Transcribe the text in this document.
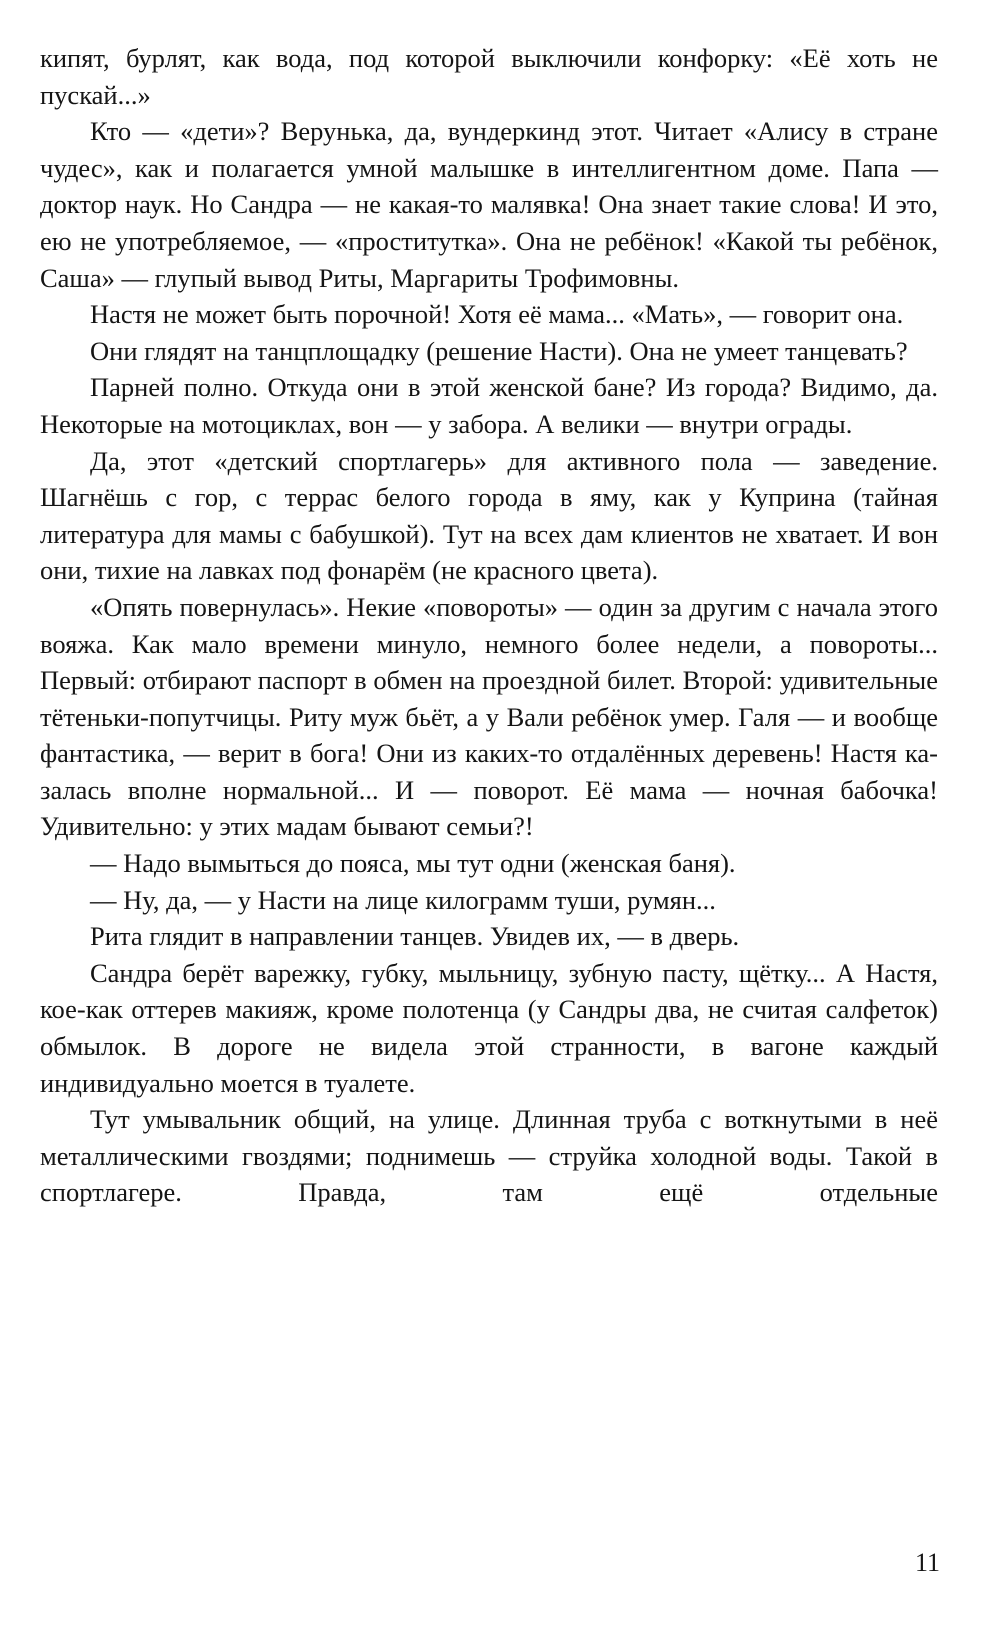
кипят, бурлят, как вода, под которой выключили конфорку: «Её хоть не пускай...»

Кто — «дети»? Верунька, да, вундеркинд этот. Читает «Алису в стране чудес», как и полагается умной малышке в интеллигентном доме. Папа — доктор наук. Но Сандра — не какая-то малявка! Она знает такие слова! И это, ею не употребляемое, — «проститутка». Она не ребёнок! «Какой ты ребёнок, Саша» — глупый вывод Риты, Маргариты Трофимовны.

Настя не может быть порочной! Хотя её мама... «Мать», — говорит она.

Они глядят на танцплощадку (решение Насти). Она не умеет танцевать?

Парней полно. Откуда они в этой женской бане? Из города? Видимо, да. Некоторые на мотоциклах, вон — у забора. А велики — внутри ограды.

Да, этот «детский спортлагерь» для активного пола — заведение. Шагнёшь с гор, с террас белого города в яму, как у Куприна (тайная литература для мамы с бабушкой). Тут на всех дам клиентов не хватает. И вон они, тихие на лавках под фонарём (не красного цвета).

«Опять повернулась». Некие «повороты» — один за другим с начала этого вояжа. Как мало времени минуло, немного более недели, а повороты... Первый: отбирают паспорт в обмен на проездной билет. Второй: удивительные тётеньки-попутчицы. Риту муж бьёт, а у Вали ребёнок умер. Галя — и вообще фантастика, — верит в бога! Они из каких-то отдалённых деревень! Настя казалась вполне нормальной... И — поворот. Её мама — ночная бабочка! Удивительно: у этих мадам бывают семьи?!

— Надо вымыться до пояса, мы тут одни (женская баня).

— Ну, да, — у Насти на лице килограмм туши, румян...

Рита глядит в направлении танцев. Увидев их, — в дверь.

Сандра берёт варежку, губку, мыльницу, зубную пасту, щётку... А Настя, кое-как оттерев макияж, кроме полотенца (у Сандры два, не считая салфеток) обмылок. В дороге не видела этой странности, в вагоне каждый индивидуально моется в туалете.

Тут умывальник общий, на улице. Длинная труба с воткнутыми в неё металлическими гвоздями; поднимешь — струйка холодной воды. Такой в спортлагере. Правда, там ещё отдельные

11
